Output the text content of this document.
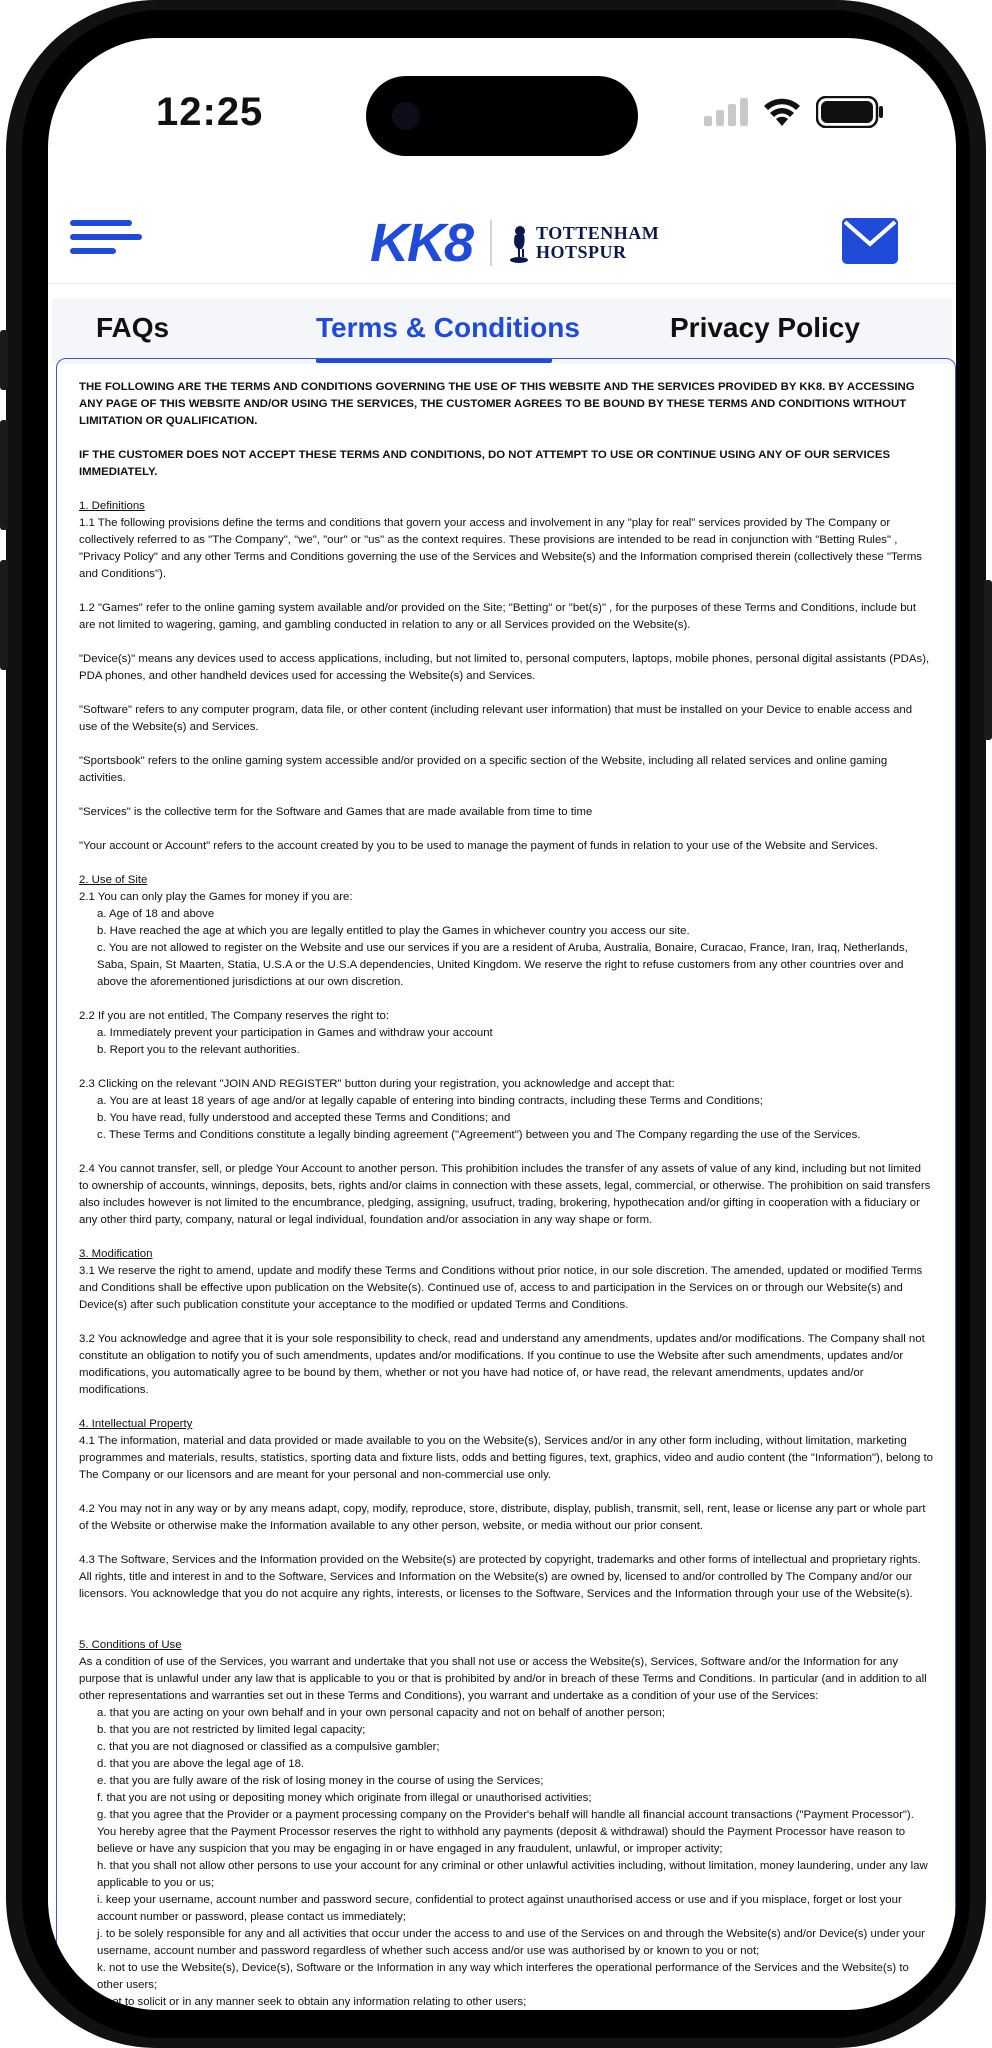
12:25
KK8	TOTTENHAM
HOTSPUR
FAQs	Terms & Conditions	Privacy Policy

THE FOLLOWING ARE THE TERMS AND CONDITIONS GOVERNING THE USE OF THIS WEBSITE AND THE SERVICES PROVIDED BY KK8. BY ACCESSING ANY PAGE OF THIS WEBSITE AND/OR USING THE SERVICES, THE CUSTOMER AGREES TO BE BOUND BY THESE TERMS AND CONDITIONS WITHOUT LIMITATION OR QUALIFICATION.

IF THE CUSTOMER DOES NOT ACCEPT THESE TERMS AND CONDITIONS, DO NOT ATTEMPT TO USE OR CONTINUE USING ANY OF OUR SERVICES IMMEDIATELY.

1. Definitions

1.1 The following provisions define the terms and conditions that govern your access and involvement in any "play for real" services provided by The Company or collectively referred to as "The Company", "we", "our" or "us" as the context requires. These provisions are intended to be read in conjunction with "Betting Rules" , "Privacy Policy" and any other Terms and Conditions governing the use of the Services and Website(s) and the Information comprised therein (collectively these "Terms and Conditions").

1.2 "Games" refer to the online gaming system available and/or provided on the Site; "Betting" or "bet(s)" , for the purposes of these Terms and Conditions, include but are not limited to wagering, gaming, and gambling conducted in relation to any or all Services provided on the Website(s).

"Device(s)" means any devices used to access applications, including, but not limited to, personal computers, laptops, mobile phones, personal digital assistants (PDAs), PDA phones, and other handheld devices used for accessing the Website(s) and Services.

"Software" refers to any computer program, data file, or other content (including relevant user information) that must be installed on your Device to enable access and use of the Website(s) and Services.

"Sportsbook" refers to the online gaming system accessible and/or provided on a specific section of the Website, including all related services and online gaming activities.

"Services" is the collective term for the Software and Games that are made available from time to time

"Your account or Account" refers to the account created by you to be used to manage the payment of funds in relation to your use of the Website and Services.

2. Use of Site

2.1 You can only play the Games for money if you are:

a. Age of 18 and above

b. Have reached the age at which you are legally entitled to play the Games in whichever country you access our site.

c. You are not allowed to register on the Website and use our services if you are a resident of Aruba, Australia, Bonaire, Curacao, France, Iran, Iraq, Netherlands, Saba, Spain, St Maarten, Statia, U.S.A or the U.S.A dependencies, United Kingdom. We reserve the right to refuse customers from any other countries over and above the aforementioned jurisdictions at our own discretion.

2.2 If you are not entitled, The Company reserves the right to:

a. Immediately prevent your participation in Games and withdraw your account

b. Report you to the relevant authorities.

2.3 Clicking on the relevant "JOIN AND REGISTER" button during your registration, you acknowledge and accept that:

a. You are at least 18 years of age and/or at legally capable of entering into binding contracts, including these Terms and Conditions;

b. You have read, fully understood and accepted these Terms and Conditions; and

c. These Terms and Conditions constitute a legally binding agreement ("Agreement") between you and The Company regarding the use of the Services.

2.4 You cannot transfer, sell, or pledge Your Account to another person. This prohibition includes the transfer of any assets of value of any kind, including but not limited to ownership of accounts, winnings, deposits, bets, rights and/or claims in connection with these assets, legal, commercial, or otherwise. The prohibition on said transfers also includes however is not limited to the encumbrance, pledging, assigning, usufruct, trading, brokering, hypothecation and/or gifting in cooperation with a fiduciary or any other third party, company, natural or legal individual, foundation and/or association in any way shape or form.

3. Modification

3.1 We reserve the right to amend, update and modify these Terms and Conditions without prior notice, in our sole discretion. The amended, updated or modified Terms and Conditions shall be effective upon publication on the Website(s). Continued use of, access to and participation in the Services on or through our Website(s) and Device(s) after such publication constitute your acceptance to the modified or updated Terms and Conditions.

3.2 You acknowledge and agree that it is your sole responsibility to check, read and understand any amendments, updates and/or modifications. The Company shall not constitute an obligation to notify you of such amendments, updates and/or modifications. If you continue to use the Website after such amendments, updates and/or modifications, you automatically agree to be bound by them, whether or not you have had notice of, or have read, the relevant amendments, updates and/or modifications.

4. Intellectual Property

4.1 The information, material and data provided or made available to you on the Website(s), Services and/or in any other form including, without limitation, marketing programmes and materials, results, statistics, sporting data and fixture lists, odds and betting figures, text, graphics, video and audio content (the "Information"), belong to The Company or our licensors and are meant for your personal and non-commercial use only.

4.2 You may not in any way or by any means adapt, copy, modify, reproduce, store, distribute, display, publish, transmit, sell, rent, lease or license any part or whole part of the Website or otherwise make the Information available to any other person, website, or media without our prior consent.

4.3 The Software, Services and the Information provided on the Website(s) are protected by copyright, trademarks and other forms of intellectual and proprietary rights. All rights, title and interest in and to the Software, Services and Information on the Website(s) are owned by, licensed to and/or controlled by The Company and/or our licensors. You acknowledge that you do not acquire any rights, interests, or licenses to the Software, Services and the Information through your use of the Website(s).

5. Conditions of Use

As a condition of use of the Services, you warrant and undertake that you shall not use or access the Website(s), Services, Software and/or the Information for any purpose that is unlawful under any law that is applicable to you or that is prohibited by and/or in breach of these Terms and Conditions. In particular (and in addition to all other representations and warranties set out in these Terms and Conditions), you warrant and undertake as a condition of your use of the Services:

a. that you are acting on your own behalf and in your own personal capacity and not on behalf of another person;

b. that you are not restricted by limited legal capacity;

c. that you are not diagnosed or classified as a compulsive gambler;

d. that you are above the legal age of 18.

e. that you are fully aware of the risk of losing money in the course of using the Services;

f. that you are not using or depositing money which originate from illegal or unauthorised activities;

g. that you agree that the Provider or a payment processing company on the Provider's behalf will handle all financial account transactions ("Payment Processor"). You hereby agree that the Payment Processor reserves the right to withhold any payments (deposit & withdrawal) should the Payment Processor have reason to believe or have any suspicion that you may be engaging in or have engaged in any fraudulent, unlawful, or improper activity;

h. that you shall not allow other persons to use your account for any criminal or other unlawful activities including, without limitation, money laundering, under any law applicable to you or us;

i. keep your username, account number and password secure, confidential to protect against unauthorised access or use and if you misplace, forget or lost your account number or password, please contact us immediately;

j. to be solely responsible for any and all activities that occur under the access to and use of the Services on and through the Website(s) and/or Device(s) under your username, account number and password regardless of whether such access and/or use was authorised by or known to you or not;

k. not to use the Website(s), Device(s), Software or the Information in any way which interferes the operational performance of the Services and the Website(s) to other users;

l. not to solicit or in any manner seek to obtain any information relating to other users;
